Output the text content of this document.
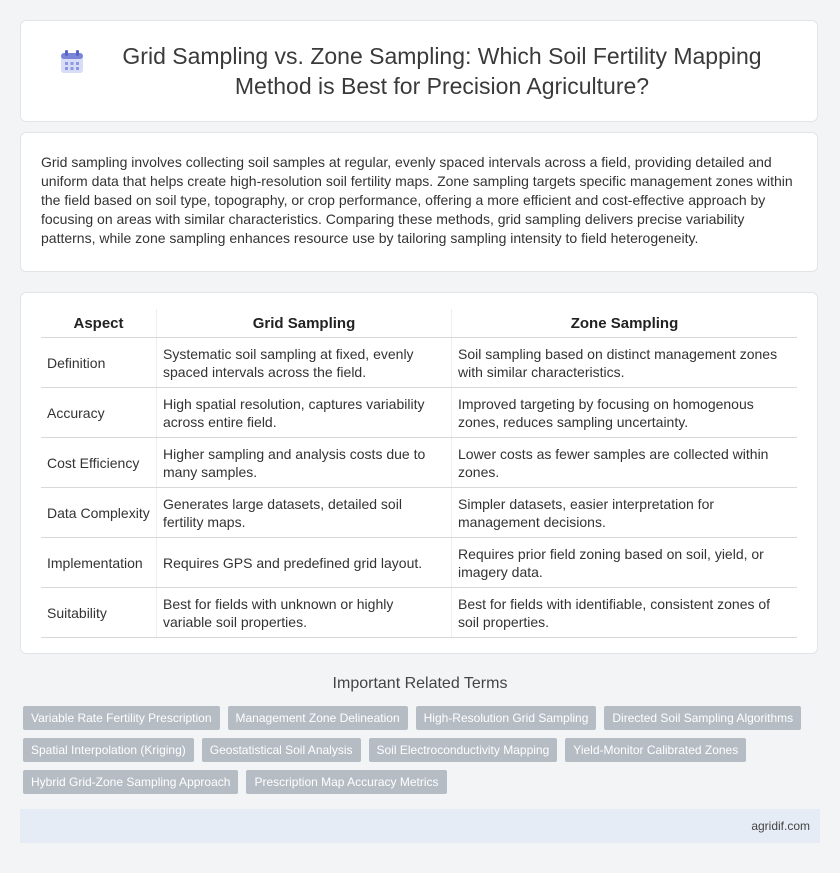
Grid Sampling vs. Zone Sampling: Which Soil Fertility Mapping Method is Best for Precision Agriculture?

Grid sampling involves collecting soil samples at regular, evenly spaced intervals across a field, providing detailed and uniform data that helps create high-resolution soil fertility maps. Zone sampling targets specific management zones within the field based on soil type, topography, or crop performance, offering a more efficient and cost-effective approach by focusing on areas with similar characteristics. Comparing these methods, grid sampling delivers precise variability patterns, while zone sampling enhances resource use by tailoring sampling intensity to field heterogeneity.

Aspect	Grid Sampling	Zone Sampling
Definition	Systematic soil sampling at fixed, evenly spaced intervals across the field.	Soil sampling based on distinct management zones with similar characteristics.
Accuracy	High spatial resolution, captures variability across entire field.	Improved targeting by focusing on homogenous zones, reduces sampling uncertainty.
Cost Efficiency	Higher sampling and analysis costs due to many samples.	Lower costs as fewer samples are collected within zones.
Data Complexity	Generates large datasets, detailed soil fertility maps.	Simpler datasets, easier interpretation for management decisions.
Implementation	Requires GPS and predefined grid layout.	Requires prior field zoning based on soil, yield, or imagery data.
Suitability	Best for fields with unknown or highly variable soil properties.	Best for fields with identifiable, consistent zones of soil properties.
Important Related Terms
Variable Rate Fertility Prescription	Management Zone Delineation	High-Resolution Grid Sampling	Directed Soil Sampling Algorithms
Spatial Interpolation (Kriging)	Geostatistical Soil Analysis	Soil Electroconductivity Mapping	Yield-Monitor Calibrated Zones
Hybrid Grid-Zone Sampling Approach	Prescription Map Accuracy Metrics
agridif.com
